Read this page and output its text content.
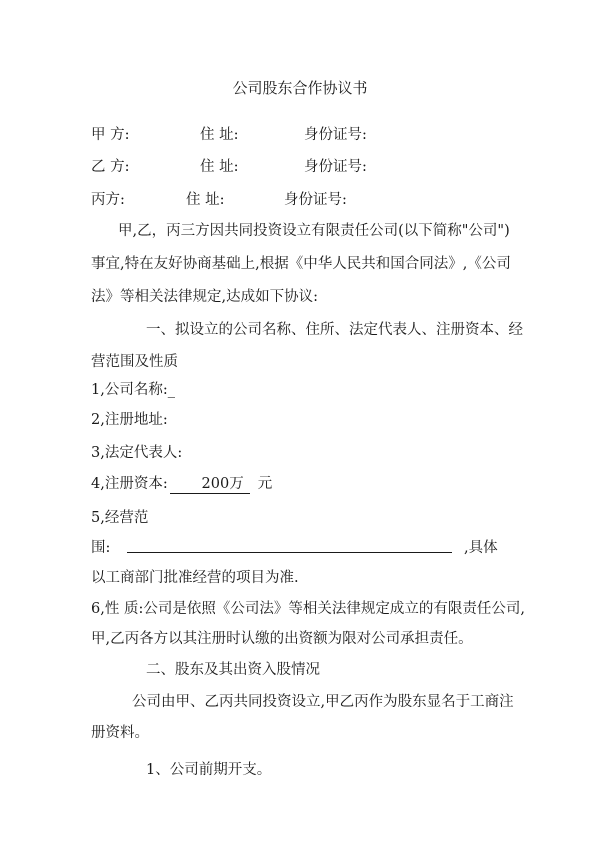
公司股东合作协议书
甲 方:	住 址:	身份证号:
乙 方:	住 址:	身份证号:
丙方:	住 址:	身份证号:
甲,乙，丙三方因共同投资设立有限责任公司(以下简称"公司")
事宜,特在友好协商基础上,根据《中华人民共和国合同法》,《公司
法》等相关法律规定,达成如下协议:
一、拟设立的公司名称、住所、法定代表人、注册资本、经
营范围及性质
1,公司名称:_
2,注册地址:
3,法定代表人:
4,注册资本: 200万 元
5,经营范
围:	,具体
以工商部门批准经营的项目为准.
6,性 质:公司是依照《公司法》等相关法律规定成立的有限责任公司,
甲,乙丙各方以其注册时认缴的出资额为限对公司承担责任。
二、股东及其出资入股情况
公司由甲、乙丙共同投资设立,甲乙丙作为股东显名于工商注
册资料。
1、公司前期开支。
